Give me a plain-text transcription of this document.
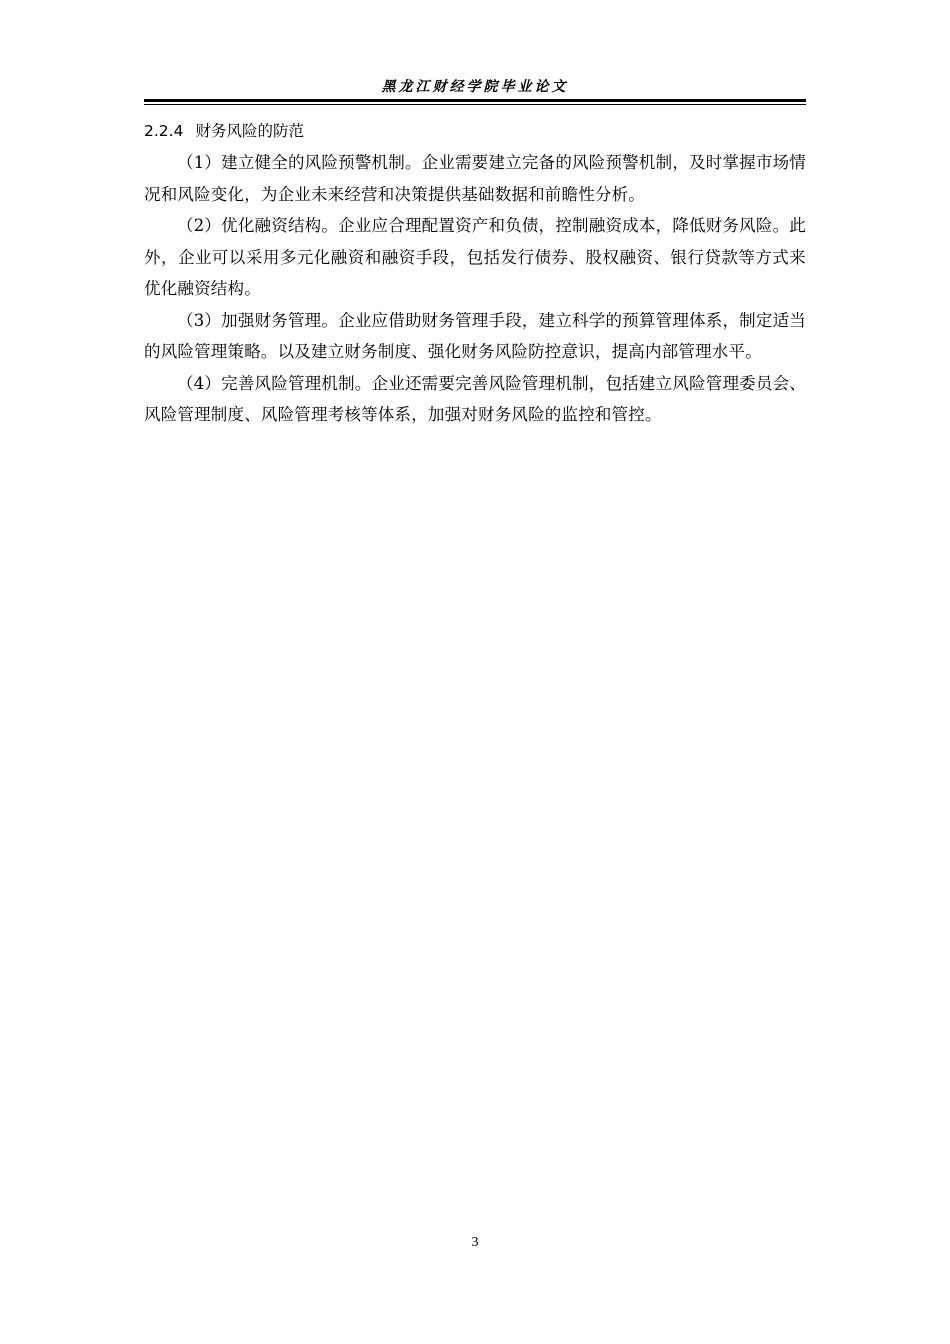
黑龙江财经学院毕业论文
2.2.4 财务风险的防范

（1）建立健全的风险预警机制。企业需要建立完备的风险预警机制，及时掌握市场情况和风险变化，为企业未来经营和决策提供基础数据和前瞻性分析。

（2）优化融资结构。企业应合理配置资产和负债，控制融资成本，降低财务风险。此外，企业可以采用多元化融资和融资手段，包括发行债券、股权融资、银行贷款等方式来优化融资结构。

（3）加强财务管理。企业应借助财务管理手段，建立科学的预算管理体系，制定适当的风险管理策略。以及建立财务制度、强化财务风险防控意识，提高内部管理水平。

（4）完善风险管理机制。企业还需要完善风险管理机制，包括建立风险管理委员会、风险管理制度、风险管理考核等体系，加强对财务风险的监控和管控。

3
